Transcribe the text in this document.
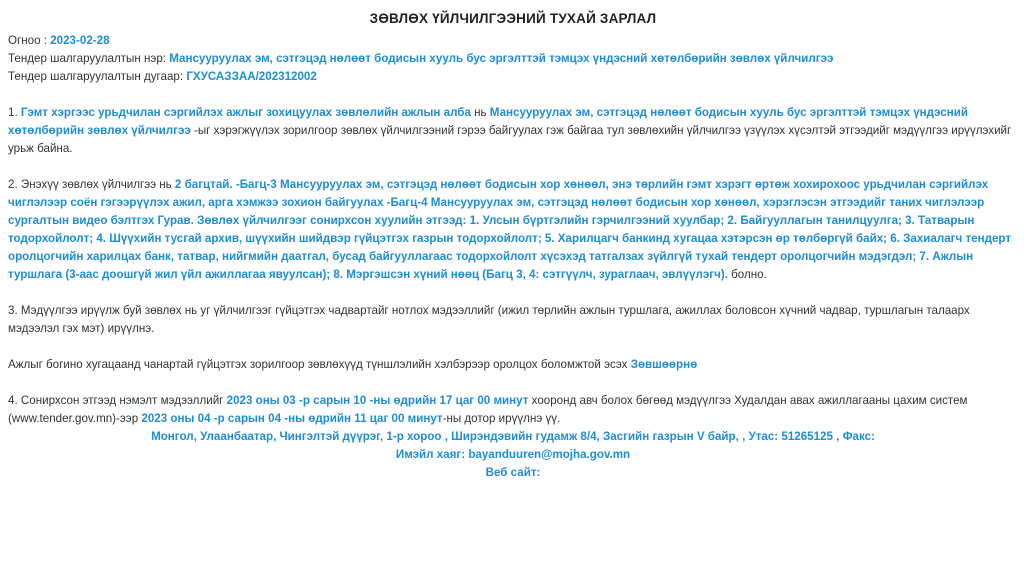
ЗӨВЛӨХ ҮЙЛЧИЛГЭЭНИЙ ТУХАЙ ЗАРЛАЛ

Огноо : 2023-02-28

Тендер шалгаруулалтын нэр: Мансууруулах эм, сэтгэцэд нөлөөт бодисын хууль бус эргэлттэй тэмцэх үндэсний хөтөлбөрийн зөвлөх үйлчилгээ

Тендер шалгаруулалтын дугаар: ГХУСАЗЗАА/202312002

1. Гэмт хэргээс урьдчилан сэргийлэх ажлыг зохицуулах зөвлөлийн ажлын алба нь Мансууруулах эм, сэтгэцэд нөлөөт бодисын хууль бус эргэлттэй тэмцэх үндэсний хөтөлбөрийн зөвлөх үйлчилгээ -ыг хэрэгжүүлэх зорилгоор зөвлөх үйлчилгээний гэрээ байгуулах гэж байгаа тул зөвлөхийн үйлчилгээ үзүүлэх хүсэлтэй этгээдийг мэдүүлгээ ирүүлэхийг урьж байна.

2. Энэхүү зөвлөх үйлчилгээ нь 2 багцтай. -Багц-3 Мансууруулах эм, сэтгэцэд нөлөөт бодисын хор хөнөөл, энэ төрлийн гэмт хэрэгт өртөж хохирохоос урьдчилан сэргийлэх чиглэлээр соён гэгээрүүлэх ажил, арга хэмжээ зохион байгуулах -Багц-4 Мансууруулах эм, сэтгэцэд нөлөөт бодисын хор хөнөөл, хэрэглэсэн этгээдийг таних чиглэлээр сургалтын видео бэлтгэх Гурав. Зөвлөх үйлчилгээг сонирхсон хуулийн этгээд: 1. Улсын бүртгэлийн гэрчилгээний хуулбар; 2. Байгууллагын танилцуулга; 3. Татварын тодорхойлолт; 4. Шүүхийн тусгай архив, шүүхийн шийдвэр гүйцэтгэх газрын тодорхойлолт; 5. Харилцагч банкинд хугацаа хэтэрсэн өр төлбөргүй байх; 6. Захиалагч тендерт оролцогчийн харилцах банк, татвар, нийгмийн даатгал, бусад байгууллагаас тодорхойлолт хүсэхэд татгалзах зүйлгүй тухай тендерт оролцогчийн мэдэгдэл; 7. Ажлын туршлага (3-аас доошгүй жил үйл ажиллагаа явуулсан); 8. Мэргэшсэн хүний нөөц (Багц 3, 4: сэтгүүлч, зураглаач, эвлүүлэгч). болно.

3. Мэдүүлгээ ирүүлж буй зөвлөх нь уг үйлчилгээг гүйцэтгэх чадвартайг нотлох мэдээллийг (ижил төрлийн ажлын туршлага, ажиллах боловсон хүчний чадвар, туршлагын талаарх мэдээлэл гэх мэт) ирүүлнэ.

Ажлыг богино хугацаанд чанартай гүйцэтгэх зорилгоор зөвлөхүүд түншлэлийн хэлбэрээр оролцох боломжтой эсэх Зөвшөөрнө

4. Сонирхсон этгээд нэмэлт мэдээллийг 2023 оны 03 -р сарын 10 -ны өдрийн 17 цаг 00 минут хооронд авч болох бөгөөд мэдүүлгээ Худалдан авах ажиллагааны цахим систем (www.tender.gov.mn)-ээр 2023 оны 04 -р сарын 04 -ны өдрийн 11 цаг 00 минут-ны дотор ирүүлнэ үү.

Монгол, Улаанбаатар, Чингэлтэй дүүрэг, 1-р хороо , Ширэндэвийн гудамж 8/4, Засгийн газрын V байр, , Утас: 51265125 , Факс:

Имэйл хаяг: bayanduuren@mojha.gov.mn

Веб сайт:
